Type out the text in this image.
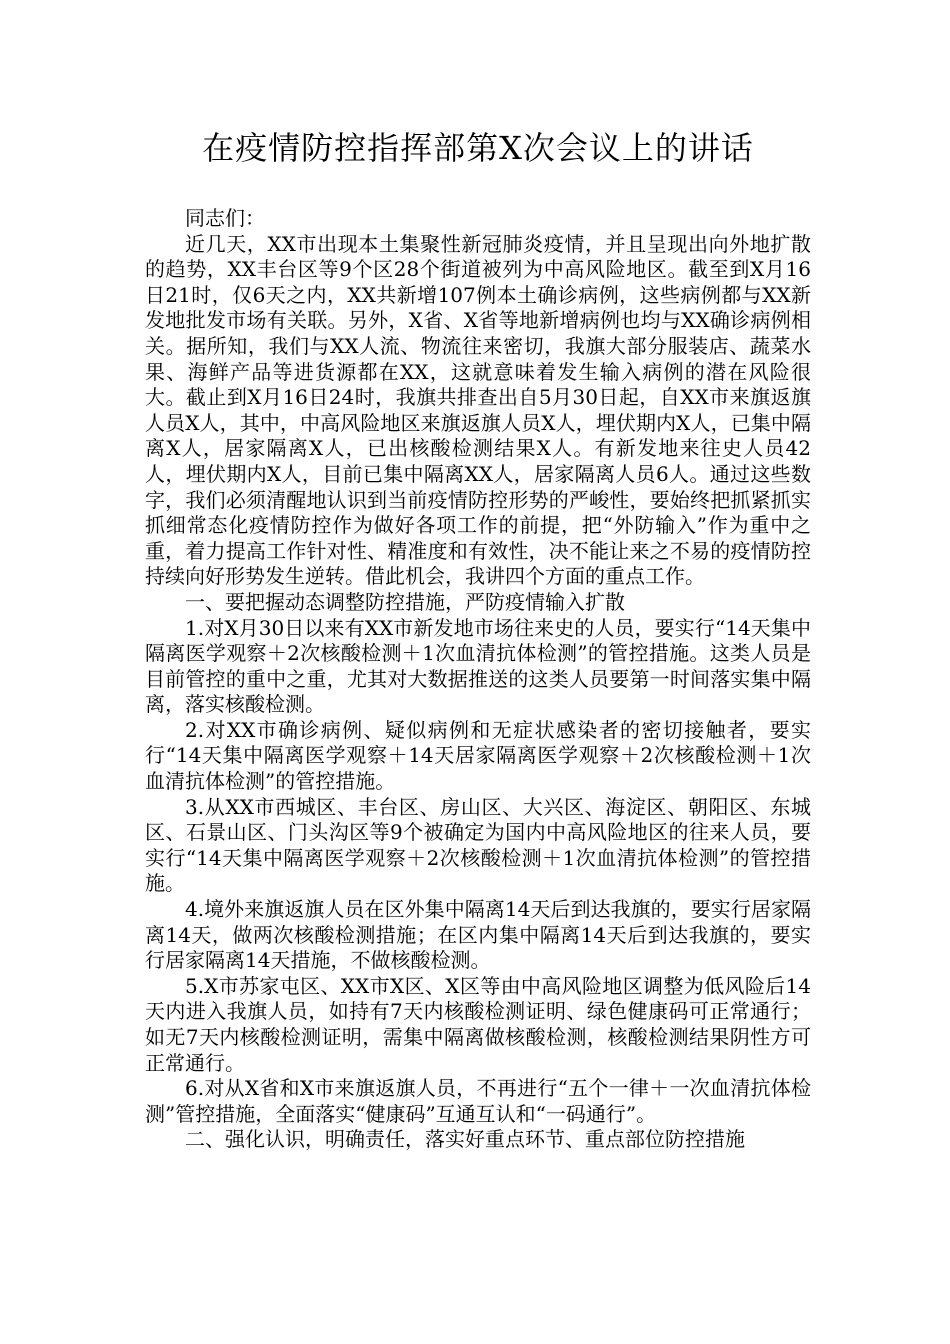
在疫情防控指挥部第X次会议上的讲话

同志们：

近几天，XX市出现本土集聚性新冠肺炎疫情，并且呈现出向外地扩散的趋势，XX丰台区等9个区28个街道被列为中高风险地区。截至到X月16日21时，仅6天之内，XX共新增107例本土确诊病例，这些病例都与XX新发地批发市场有关联。另外，X省、X省等地新增病例也均与XX确诊病例相关。据所知，我们与XX人流、物流往来密切，我旗大部分服装店、蔬菜水果、海鲜产品等进货源都在XX，这就意味着发生输入病例的潜在风险很大。截止到X月16日24时，我旗共排查出自5月30日起，自XX市来旗返旗人员X人，其中，中高风险地区来旗返旗人员X人，埋伏期内X人，已集中隔离X人，居家隔离X人，已出核酸检测结果X人。有新发地来往史人员42人，埋伏期内X人，目前已集中隔离XX人，居家隔离人员6人。通过这些数字，我们必须清醒地认识到当前疫情防控形势的严峻性，要始终把抓紧抓实抓细常态化疫情防控作为做好各项工作的前提，把“外防输入”作为重中之重，着力提高工作针对性、精准度和有效性，决不能让来之不易的疫情防控持续向好形势发生逆转。借此机会，我讲四个方面的重点工作。

一、要把握动态调整防控措施，严防疫情输入扩散

1.对X月30日以来有XX市新发地市场往来史的人员，要实行“14天集中隔离医学观察＋2次核酸检测＋1次血清抗体检测”的管控措施。这类人员是目前管控的重中之重，尤其对大数据推送的这类人员要第一时间落实集中隔离，落实核酸检测。

2.对XX市确诊病例、疑似病例和无症状感染者的密切接触者，要实行“14天集中隔离医学观察＋14天居家隔离医学观察＋2次核酸检测＋1次血清抗体检测”的管控措施。

3.从XX市西城区、丰台区、房山区、大兴区、海淀区、朝阳区、东城区、石景山区、门头沟区等9个被确定为国内中高风险地区的往来人员，要实行“14天集中隔离医学观察＋2次核酸检测＋1次血清抗体检测”的管控措施。

4.境外来旗返旗人员在区外集中隔离14天后到达我旗的，要实行居家隔离14天，做两次核酸检测措施；在区内集中隔离14天后到达我旗的，要实行居家隔离14天措施，不做核酸检测。

5.X市苏家屯区、XX市X区、X区等由中高风险地区调整为低风险后14天内进入我旗人员，如持有7天内核酸检测证明、绿色健康码可正常通行；如无7天内核酸检测证明，需集中隔离做核酸检测，核酸检测结果阴性方可正常通行。

6.对从X省和X市来旗返旗人员，不再进行“五个一律＋一次血清抗体检测”管控措施，全面落实“健康码”互通互认和“一码通行”。

二、强化认识，明确责任，落实好重点环节、重点部位防控措施
